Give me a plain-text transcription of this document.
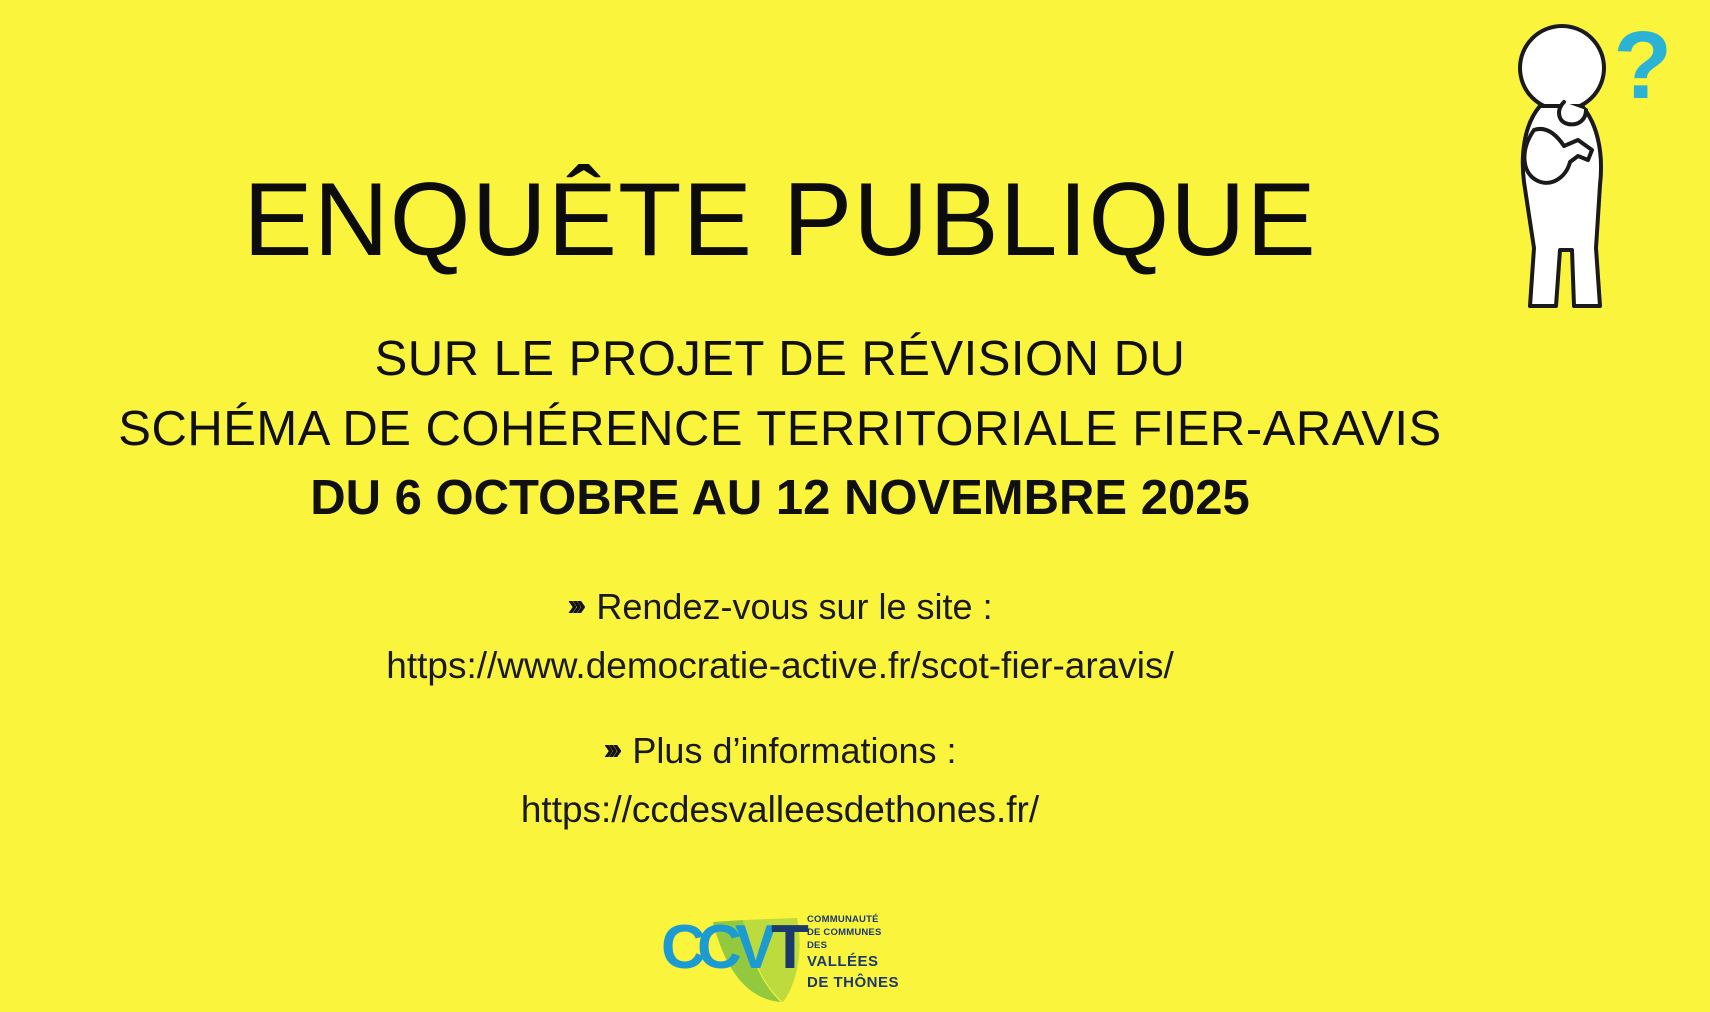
?
ENQUÊTE PUBLIQUE
SUR LE PROJET DE RÉVISION DU
SCHÉMA DE COHÉRENCE TERRITORIALE FIER-ARAVIS
DU 6 OCTOBRE AU 12 NOVEMBRE 2025
››› Rendez-vous sur le site :
https://www.democratie-active.fr/scot-fier-aravis/
››› Plus d’informations :
https://ccdesvalleesdethones.fr/
C
C
V
T
COMMUNAUTÉ
DE COMMUNES
DES
VALLÉES
DE THÔNES
